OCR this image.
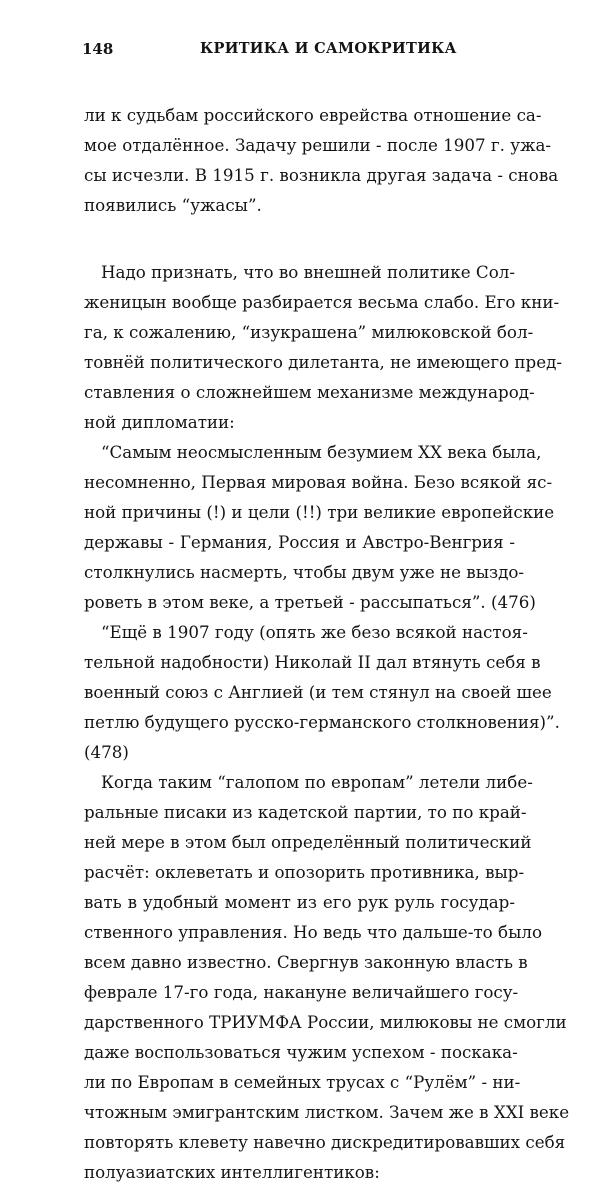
148	КРИТИКА И САМОКРИТИКА
ли к судьбам российского еврейства отношение са-
мое отдалённое. Задачу решили - после 1907 г. ужа-
сы исчезли. В 1915 г. возникла другая задача - снова
появились “ужасы”.
Надо признать, что во внешней политике Сол-
женицын вообще разбирается весьма слабо. Его кни-
га, к сожалению, “изукрашена” милюковской бол-
товнёй политического дилетанта, не имеющего пред-
ставления о сложнейшем механизме международ-
ной дипломатии:
“Самым неосмысленным безумием XX века была,
несомненно, Первая мировая война. Безо всякой яс-
ной причины (!) и цели (!!) три великие европейские
державы - Германия, Россия и Австро-Венгрия -
столкнулись насмерть, чтобы двум уже не выздо-
роветь в этом веке, а третьей - рассыпаться”. (476)
“Ещё в 1907 году (опять же безо всякой настоя-
тельной надобности) Николай II дал втянуть себя в
военный союз с Англией (и тем стянул на своей шее
петлю будущего русско-германского столкновения)”.
(478)
Когда таким “галопом по европам” летели либе-
ральные писаки из кадетской партии, то по край-
ней мере в этом был определённый политический
расчёт: оклеветать и опозорить противника, выр-
вать в удобный момент из его рук руль государ-
ственного управления. Но ведь что дальше-то было
всем давно известно. Свергнув законную власть в
феврале 17-го года, накануне величайшего госу-
дарственного ТРИУМФА России, милюковы не смогли
даже воспользоваться чужим успехом - поскака-
ли по Европам в семейных трусах с “Рулём” - ни-
чтожным эмигрантским листком. Зачем же в XXI веке
повторять клевету навечно дискредитировавших себя
полуазиатских интеллигентиков:
